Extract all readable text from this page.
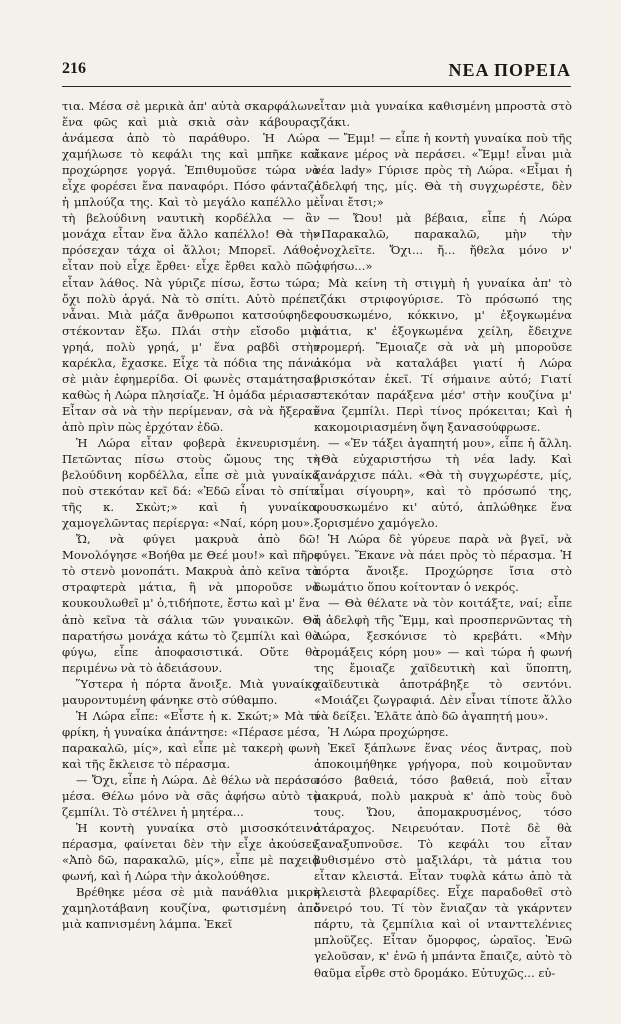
216	ΝΕΑ ΠΟΡΕΙΑ

τια. Μέσα σὲ μερικὰ ἀπ' αὐτὰ σκαρφάλωνε ἕνα φῶς καὶ μιὰ σκιὰ σὰν κάβουρας, ἀνάμεσα ἀπὸ τὸ παράθυρο. Ἡ Λώρα χαμήλωσε τὸ κεφάλι της καὶ μπῆκε καὶ προχώρησε γοργά. Ἐπιθυμοῦσε τώρα νὰ εἶχε φορέσει ἕνα παναφόρι. Πόσο φάνταζε ἡ μπλούζα της. Καὶ τὸ μεγάλο καπέλλο μὲ τὴ βελούδινη ναυτικὴ κορδέλλα — ἂν μονάχα εἶταν ἕνα ἄλλο καπέλλο! Θὰ τὴν πρόσεχαν τάχα οἱ ἄλλοι; Μπορεῖ. Λάθος εἶταν ποὺ εἶχε ἔρθει· εἶχε ἔρθει καλὸ πῶς εἶταν λάθος. Νὰ γύριζε πίσω, ἔστω τώρα; ὄχι πολὺ ἀργά. Νὰ τὸ σπίτι. Αὐτὸ πρέπει νἆναι. Μιὰ μάζα ἄνθρωποι κατσούφηδες στέκονταν ἔξω. Πλάι στὴν εἴσοδο μιὰ γρηά, πολὺ γρηά, μ' ἕνα ραβδὶ στὴν καρέκλα, ἔχασκε. Εἶχε τὰ πόδια της πάνω σὲ μιὰν ἐφημερίδα. Οἱ φωνὲς σταμάτησαν καθὼς ἡ Λώρα πλησίαζε. Ἡ ὁμάδα μέριασε. Εἶταν σὰ νὰ τὴν περίμεναν, σὰ νὰ ἤξεραν ἀπὸ πρὶν πὼς ἐρχόταν ἐδῶ.

Ἡ Λώρα εἶταν φοβερὰ ἐκνευρισμένη. Πετῶντας πίσω στοὺς ὤμους της τὴ βελούδινη κορδέλλα, εἶπε σὲ μιὰ γυναίκα ποὺ στεκόταν κεῖ δά: «Ἐδῶ εἶναι τὸ σπίτι τῆς κ. Σκὼτ;» καὶ ἡ γυναίκα, χαμογελῶντας περίεργα: «Ναί, κόρη μου».

Ὤ, νὰ φύγει μακρυὰ ἀπὸ δῶ! Μονολόγησε «Βοήθα με Θεέ μου!» καὶ πῆρε τὸ στενὸ μονοπάτι. Μακρυὰ ἀπὸ κεῖνα τὰ στραφτερὰ μάτια, ἢ νὰ μποροῦσε νὰ κουκουλωθεῖ μ' ὁ,τιδήποτε, ἔστω καὶ μ' ἕνα ἀπὸ κεῖνα τὰ σάλια τῶν γυναικῶν. Θὰ παρατήσω μονάχα κάτω τὸ ζεμπίλι καὶ θὰ φύγω, εἶπε ἀποφασιστικά. Οὔτε θὰ περιμένω νὰ τὸ ἀδειάσουν.

Ὕστερα ἡ πόρτα ἄνοιξε. Μιὰ γυναίκα μαυροντυμένη φάνηκε στὸ σύθαμπο.

Ἡ Λώρα εἶπε: «Εἶστε ἡ κ. Σκώτ;» Μὰ τί φρίκη, ἡ γυναίκα ἀπάντησε: «Πέρασε μέσα, παρακαλῶ, μίς», καὶ εἶπε μὲ τακερὴ φωνὴ καὶ τῆς ἔκλεισε τὸ πέρασμα.

— Ὄχι, εἶπε ἡ Λώρα. Δὲ θέλω νὰ περάσω μέσα. Θέλω μόνο νὰ σᾶς ἀφήσω αὐτὸ τὸ ζεμπίλι. Τὸ στέλνει ἡ μητέρα...

Ἡ κοντὴ γυναίκα στὸ μισοσκότεινο πέρασμα, φαίνεται δὲν τὴν εἶχε ἀκούσει. «Ἀπὸ δῶ, παρακαλῶ, μίς», εἶπε μὲ παχειὰ φωνή, καὶ ἡ Λώρα τὴν ἀκολούθησε.

Βρέθηκε μέσα σὲ μιὰ πανάθλια μικρὴ χαμηλοτάβανη κουζίνα, φωτισμένη ἀπὸ μιὰ καπνισμένη λάμπα. Ἐκεῖ

εἶταν μιὰ γυναίκα καθισμένη μπροστὰ στὸ τζάκι.

— Ἔμμ! — εἶπε ἡ κοντὴ γυναίκα ποὺ τῆς ἔκανε μέρος νὰ περάσει. «Ἔμμ! εἶναι μιὰ νέα lady» Γύρισε πρὸς τὴ Λώρα. «Εἶμαι ἡ ἀδελφή της, μίς. Θὰ τὴ συγχωρέστε, δὲν εἶναι ἔτσι;»

— Ὤου! μὰ βέβαια, εἶπε ἡ Λώρα «Παρακαλῶ, παρακαλῶ, μὴν τὴν ἐνοχλεῖτε. Ὄχι... ἤ... ἤθελα μόνο ν' ἀφήσω...»

Μὰ κείνη τὴ στιγμὴ ἡ γυναίκα ἀπ' τὸ τζάκι στριφογύρισε. Τὸ πρόσωπό της φουσκωμένο, κόκκινο, μ' ἐξογκωμένα μάτια, κ' ἐξογκωμένα χείλη, ἔδειχνε τρομερή. Ἔμοιαζε σὰ νὰ μὴ μποροῦσε ἀκόμα νὰ καταλάβει γιατί ἡ Λώρα βρισκόταν ἐκεῖ. Τί σήμαινε αὐτό; Γιατί στεκόταν παράξενα μέσ' στὴν κουζίνα μ' ἕνα ζεμπίλι. Περὶ τίνος πρόκειται; Καὶ ἡ κακομοιριασμένη ὄψη ξανασούφρωσε.

— «Ἐν τάξει ἀγαπητή μου», εἶπε ἡ ἄλλη. «Θὰ εὐχαριστήσω τὴ νέα lady. Καὶ ξανάρχισε πάλι. «Θὰ τὴ συγχωρέστε, μίς, εἶμαι σίγουρη», καὶ τὸ πρόσωπό της, φουσκωμένο κι' αὐτό, ἀπλώθηκε ἕνα ξορισμένο χαμόγελο.

Ἡ Λώρα δὲ γύρευε παρὰ νὰ βγεῖ, νὰ φύγει. Ἔκανε νὰ πάει πρὸς τὸ πέρασμα. Ἡ πόρτα ἄνοιξε. Προχώρησε ἴσια στὸ δωμάτιο ὅπου κοίτονταν ὁ νεκρός.

— Θὰ θέλατε νὰ τὸν κοιτάξτε, ναί; εἶπε ἡ ἀδελφὴ τῆς Ἔμμ, καὶ προσπερνῶντας τὴ Λώρα, ξεσκόνισε τὸ κρεβάτι. «Μὴν τρομάξεις κόρη μου» — καὶ τώρα ἡ φωνή της ἔμοιαζε χαϊδευτικὴ καὶ ὕποπτη, χαϊδευτικὰ ἀποτράβηξε τὸ σεντόνι. «Μοιάζει ζωγραφιά. Δὲν εἶναι τίποτε ἄλλο νὰ δείξει. Ἐλᾶτε ἀπὸ δῶ ἀγαπητή μου».

Ἡ Λώρα προχώρησε.

Ἐκεῖ ξάπλωνε ἕνας νέος ἄντρας, ποὺ ἀποκοιμήθηκε γρήγορα, ποὺ κοιμοῦνταν τόσο βαθειά, τόσο βαθειά, ποὺ εἶταν μακρυά, πολὺ μακρυὰ κ' ἀπὸ τοὺς δυὸ τους. Ὤου, ἀπομακρυσμένος, τόσο ἀτάραχος. Νειρευόταν. Ποτὲ δὲ θὰ ξαναξυπνοῦσε. Τὸ κεφάλι του εἶταν βυθισμένο στὸ μαξιλάρι, τὰ μάτια του εἶταν κλειστά. Εἶταν τυφλὰ κάτω ἀπὸ τὰ κλειστὰ βλεφαρίδες. Εἶχε παραδοθεῖ στὸ ὄνειρό του. Τί τὸν ἔνιαζαν τὰ γκάρντεν πάρτυ, τὰ ζεμπίλια καὶ οἱ ντανττελένιες μπλοῦζες. Εἶταν ὄμορφος, ὡραῖος. Ἐνῶ γελοῦσαν, κ' ἐνῶ ἡ μπάντα ἔπαιζε, αὐτὸ τὸ θαῦμα εἶρθε στὸ δρομάκο. Εὐτυχῶς... εὐ-
